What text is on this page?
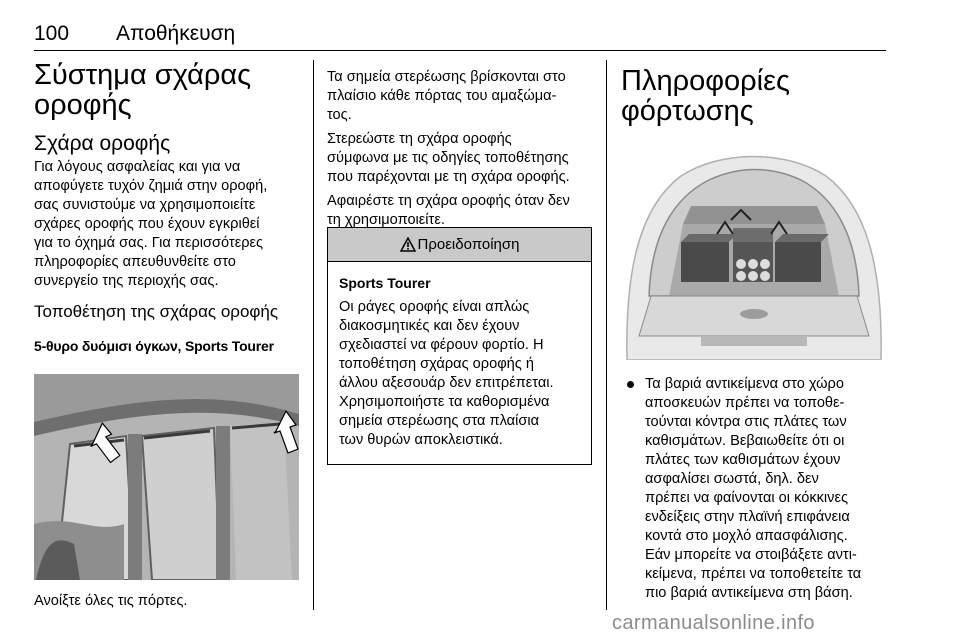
100 Αποθήκευση
Σύστημα σχάρας
οροφής
Σχάρα οροφής

Για λόγους ασφαλείας και για να
αποφύγετε τυχόν ζημιά στην οροφή,
σας συνιστούμε να χρησιμοποιείτε
σχάρες οροφής που έχουν εγκριθεί
για το όχημά σας. Για περισσότερες
πληροφορίες απευθυνθείτε στο
συνεργείο της περιοχής σας.

Τοποθέτηση της σχάρας οροφής
5-θυρο δυόμισι όγκων, Sports Tourer

Ανοίξτε όλες τις πόρτες.

Τα σημεία στερέωσης βρίσκονται στο
πλαίσιο κάθε πόρτας του αμαξώμα-
τος.

Στερεώστε τη σχάρα οροφής
σύμφωνα με τις οδηγίες τοποθέτησης
που παρέχονται με τη σχάρα οροφής.

Αφαιρέστε τη σχάρα οροφής όταν δεν
τη χρησιμοποιείτε.

Προειδοποίηση
Sports Tourer

Οι ράγες οροφής είναι απλώς
διακοσμητικές και δεν έχουν
σχεδιαστεί να φέρουν φορτίο. Η
τοποθέτηση σχάρας οροφής ή
άλλου αξεσουάρ δεν επιτρέπεται.
Χρησιμοποιήστε τα καθορισμένα
σημεία στερέωσης στα πλαίσια
των θυρών αποκλειστικά.

Πληροφορίες
φόρτωσης

Τα βαριά αντικείμενα στο χώρο
αποσκευών πρέπει να τοποθε-
τούνται κόντρα στις πλάτες των
καθισμάτων. Βεβαιωθείτε ότι οι
πλάτες των καθισμάτων έχουν
ασφαλίσει σωστά, δηλ. δεν
πρέπει να φαίνονται οι κόκκινες
ενδείξεις στην πλαϊνή επιφάνεια
κοντά στο μοχλό απασφάλισης.
Εάν μπορείτε να στοιβάξετε αντι-
κείμενα, πρέπει να τοποθετείτε τα
πιο βαριά αντικείμενα στη βάση.

carmanualsonline.info
